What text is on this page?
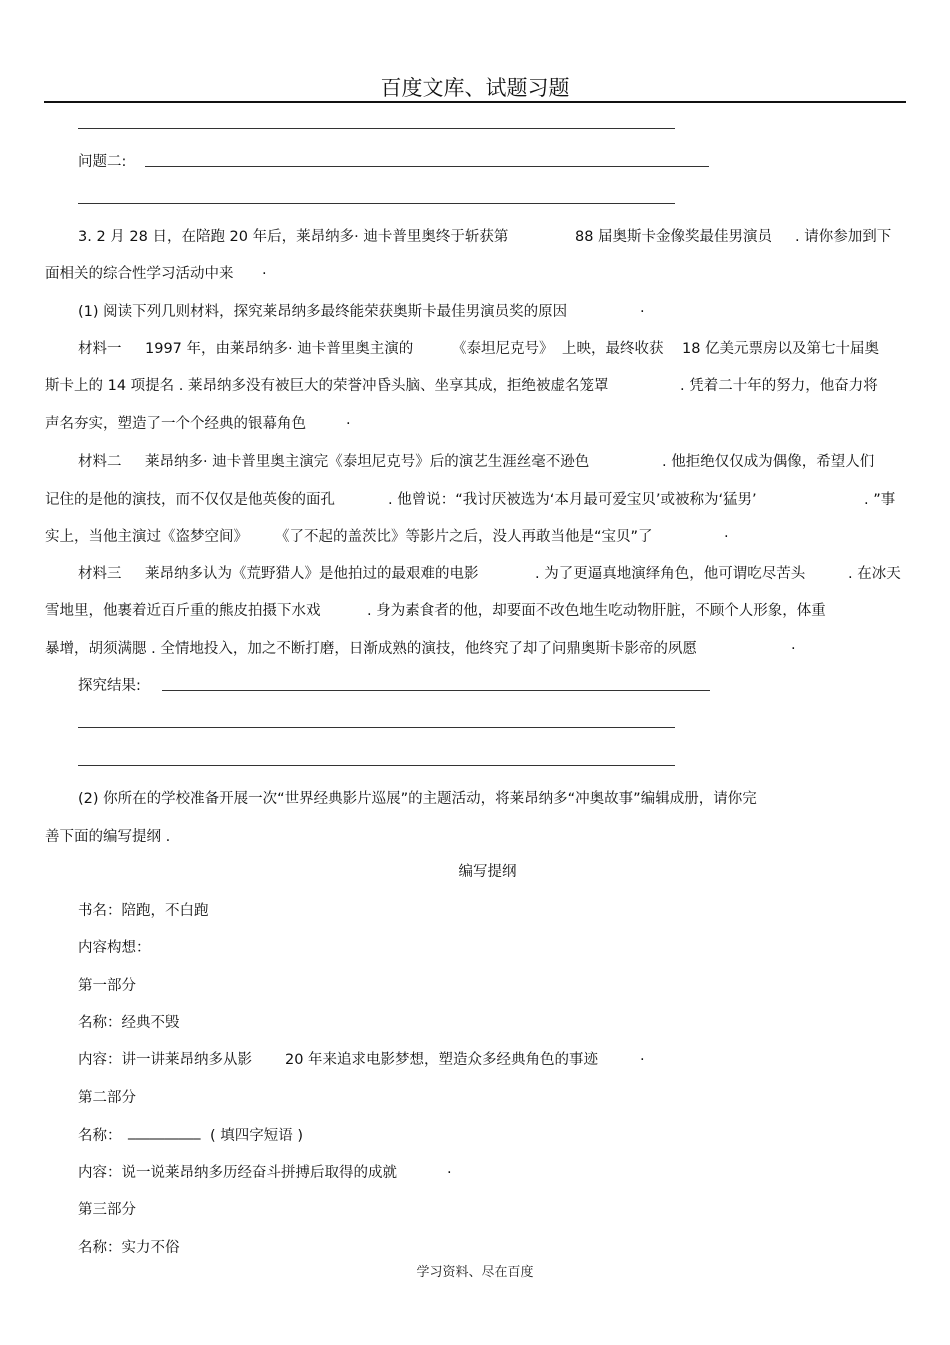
百度文库、试题习题
问题二:
3. 2 月 28 日，在陪跑 20 年后，莱昂纳多· 迪卡普里奥终于斩获第	88 届奥斯卡金像奖最佳男演员 . 请你参加到下
面相关的综合性学习活动中来 .
(1) 阅读下列几则材料，探究莱昂纳多最终能荣获奥斯卡最佳男演员奖的原因	.
材料一 1997 年，由莱昂纳多· 迪卡普里奥主演的	《泰坦尼克号》 上映，最终收获 18 亿美元票房以及第七十届奥
斯卡上的 14 项提名 . 莱昂纳多没有被巨大的荣誉冲昏头脑、坐享其成，拒绝被虚名笼罩	. 凭着二十年的努力，他奋力将
声名夯实，塑造了一个个经典的银幕角色	.
材料二 莱昂纳多· 迪卡普里奥主演完《泰坦尼克号》后的演艺生涯丝毫不逊色	. 他拒绝仅仅成为偶像，希望人们
记住的是他的演技，而不仅仅是他英俊的面孔	. 他曾说：“我讨厌被选为‘本月最可爱宝贝’或被称为‘猛男’	. ”事
实上，当他主演过《盗梦空间》 《了不起的盖茨比》等影片之后，没人再敢当他是“宝贝”了	.
材料三 莱昂纳多认为《荒野猎人》是他拍过的最艰难的电影	. 为了更逼真地演绎角色，他可谓吃尽苦头	. 在冰天
雪地里，他裹着近百斤重的熊皮拍摄下水戏	. 身为素食者的他，却要面不改色地生吃动物肝脏，不顾个人形象，体重
暴增，胡须满腮 . 全情地投入，加之不断打磨，日渐成熟的演技，他终究了却了问鼎奥斯卡影帝的夙愿	.
探究结果:
(2) 你所在的学校准备开展一次“世界经典影片巡展”的主题活动，将莱昂纳多“冲奥故事”编辑成册，请你完
善下面的编写提纲 .
编写提纲
书名：陪跑，不白跑
内容构想：
第一部分
名称：经典不毁
内容：讲一讲莱昂纳多从影 20 年来追求电影梦想，塑造众多经典角色的事迹	.
第二部分
名称： __________ ( 填四字短语 )
内容：说一说莱昂纳多历经奋斗拼搏后取得的成就	.
第三部分
名称：实力不俗
学习资料、尽在百度
